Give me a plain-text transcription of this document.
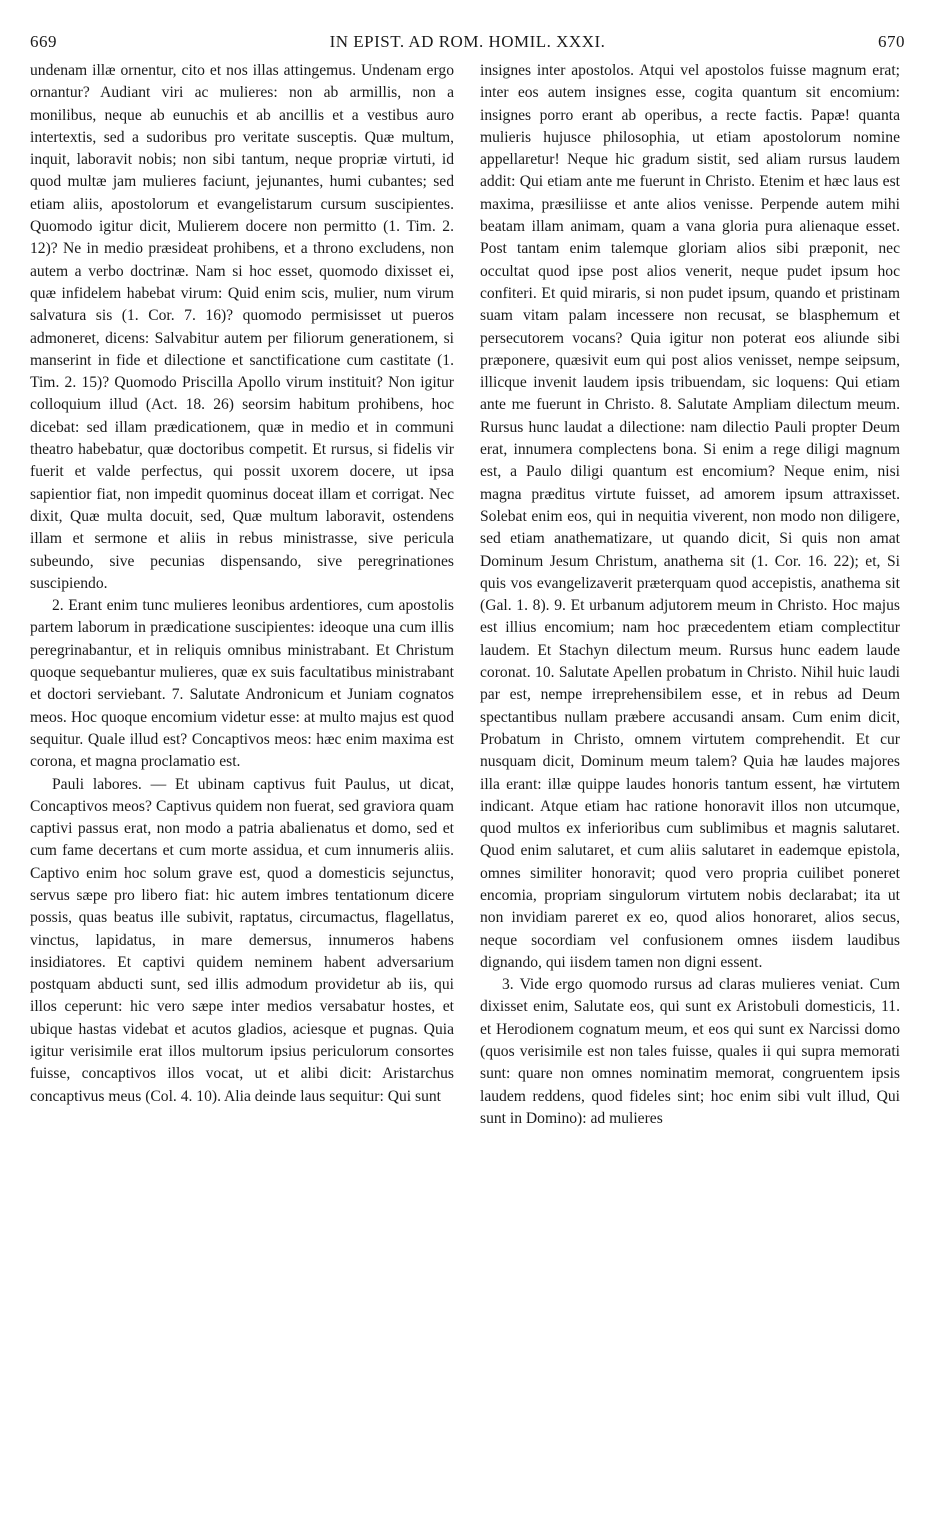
669	IN EPIST. AD ROM. HOMIL. XXXI.	670

undenam illæ ornentur, cito et nos illas attingemus. Undenam ergo ornantur? Audiant viri ac mulieres: non ab armillis, non a monilibus, neque ab eunuchis et ab ancillis et a vestibus auro intertextis, sed a sudoribus pro veritate susceptis. Quæ multum, inquit, laboravit nobis; non sibi tantum, neque propriæ virtuti, id quod multæ jam mulieres faciunt, jejunantes, humi cubantes; sed etiam aliis, apostolorum et evangelistarum cursum suscipientes. Quomodo igitur dicit, Mulierem docere non permitto (1. Tim. 2. 12)? Ne in medio præsideat prohibens, et a throno excludens, non autem a verbo doctrinæ. Nam si hoc esset, quomodo dixisset ei, quæ infidelem habebat virum: Quid enim scis, mulier, num virum salvatura sis (1. Cor. 7. 16)? quomodo permisisset ut pueros admoneret, dicens: Salvabitur autem per filiorum generationem, si manserint in fide et dilectione et sanctificatione cum castitate (1. Tim. 2. 15)? Quomodo Priscilla Apollo virum instituit? Non igitur colloquium illud (Act. 18. 26) seorsim habitum prohibens, hoc dicebat: sed illam prædicationem, quæ in medio et in communi theatro habebatur, quæ doctoribus competit. Et rursus, si fidelis vir fuerit et valde perfectus, qui possit uxorem docere, ut ipsa sapientior fiat, non impedit quominus doceat illam et corrigat. Nec dixit, Quæ multa docuit, sed, Quæ multum laboravit, ostendens illam et sermone et aliis in rebus ministrasse, sive pericula subeundo, sive pecunias dispensando, sive peregrinationes suscipiendo.

2. Erant enim tunc mulieres leonibus ardentiores, cum apostolis partem laborum in prædicatione suscipientes: ideoque una cum illis peregrinabantur, et in reliquis omnibus ministrabant. Et Christum quoque sequebantur mulieres, quæ ex suis facultatibus ministrabant et doctori serviebant. 7. Salutate Andronicum et Juniam cognatos meos. Hoc quoque encomium videtur esse: at multo majus est quod sequitur. Quale illud est? Concaptivos meos: hæc enim maxima est corona, et magna proclamatio est.

Pauli labores. — Et ubinam captivus fuit Paulus, ut dicat, Concaptivos meos? Captivus quidem non fuerat, sed graviora quam captivi passus erat, non modo a patria abalienatus et domo, sed et cum fame decertans et cum morte assidua, et cum innumeris aliis. Captivo enim hoc solum grave est, quod a domesticis sejunctus, servus sæpe pro libero fiat: hic autem imbres tentationum dicere possis, quas beatus ille subivit, raptatus, circumactus, flagellatus, vinctus, lapidatus, in mare demersus, innumeros habens insidiatores. Et captivi quidem neminem habent adversarium postquam abducti sunt, sed illis admodum providetur ab iis, qui illos ceperunt: hic vero sæpe inter medios versabatur hostes, et ubique hastas videbat et acutos gladios, aciesque et pugnas. Quia igitur verisimile erat illos multorum ipsius periculorum consortes fuisse, concaptivos illos vocat, ut et alibi dicit: Aristarchus concaptivus meus (Col. 4. 10). Alia deinde laus sequitur: Qui sunt

insignes inter apostolos. Atqui vel apostolos fuisse magnum erat; inter eos autem insignes esse, cogita quantum sit encomium: insignes porro erant ab operibus, a recte factis. Papæ! quanta mulieris hujusce philosophia, ut etiam apostolorum nomine appellaretur! Neque hic gradum sistit, sed aliam rursus laudem addit: Qui etiam ante me fuerunt in Christo. Etenim et hæc laus est maxima, præsiliisse et ante alios venisse. Perpende autem mihi beatam illam animam, quam a vana gloria pura alienaque esset. Post tantam enim talemque gloriam alios sibi præponit, nec occultat quod ipse post alios venerit, neque pudet ipsum hoc confiteri. Et quid miraris, si non pudet ipsum, quando et pristinam suam vitam palam incessere non recusat, se blasphemum et persecutorem vocans? Quia igitur non poterat eos aliunde sibi præponere, quæsivit eum qui post alios venisset, nempe seipsum, illicque invenit laudem ipsis tribuendam, sic loquens: Qui etiam ante me fuerunt in Christo. 8. Salutate Ampliam dilectum meum. Rursus hunc laudat a dilectione: nam dilectio Pauli propter Deum erat, innumera complectens bona. Si enim a rege diligi magnum est, a Paulo diligi quantum est encomium? Neque enim, nisi magna præditus virtute fuisset, ad amorem ipsum attraxisset. Solebat enim eos, qui in nequitia viverent, non modo non diligere, sed etiam anathematizare, ut quando dicit, Si quis non amat Dominum Jesum Christum, anathema sit (1. Cor. 16. 22); et, Si quis vos evangelizaverit præterquam quod accepistis, anathema sit (Gal. 1. 8). 9. Et urbanum adjutorem meum in Christo. Hoc majus est illius encomium; nam hoc præcedentem etiam complectitur laudem. Et Stachyn dilectum meum. Rursus hunc eadem laude coronat. 10. Salutate Apellen probatum in Christo. Nihil huic laudi par est, nempe irreprehensibilem esse, et in rebus ad Deum spectantibus nullam præbere accusandi ansam. Cum enim dicit, Probatum in Christo, omnem virtutem comprehendit. Et cur nusquam dicit, Dominum meum talem? Quia hæ laudes majores illa erant: illæ quippe laudes honoris tantum essent, hæ virtutem indicant. Atque etiam hac ratione honoravit illos non utcumque, quod multos ex inferioribus cum sublimibus et magnis salutaret. Quod enim salutaret, et cum aliis salutaret in eademque epistola, omnes similiter honoravit; quod vero propria cuilibet poneret encomia, propriam singulorum virtutem nobis declarabat; ita ut non invidiam pareret ex eo, quod alios honoraret, alios secus, neque socordiam vel confusionem omnes iisdem laudibus dignando, qui iisdem tamen non digni essent.

3. Vide ergo quomodo rursus ad claras mulieres veniat. Cum dixisset enim, Salutate eos, qui sunt ex Aristobuli domesticis, 11. et Herodionem cognatum meum, et eos qui sunt ex Narcissi domo (quos verisimile est non tales fuisse, quales ii qui supra memorati sunt: quare non omnes nominatim memorat, congruentem ipsis laudem reddens, quod fideles sint; hoc enim sibi vult illud, Qui sunt in Domino): ad mulieres
